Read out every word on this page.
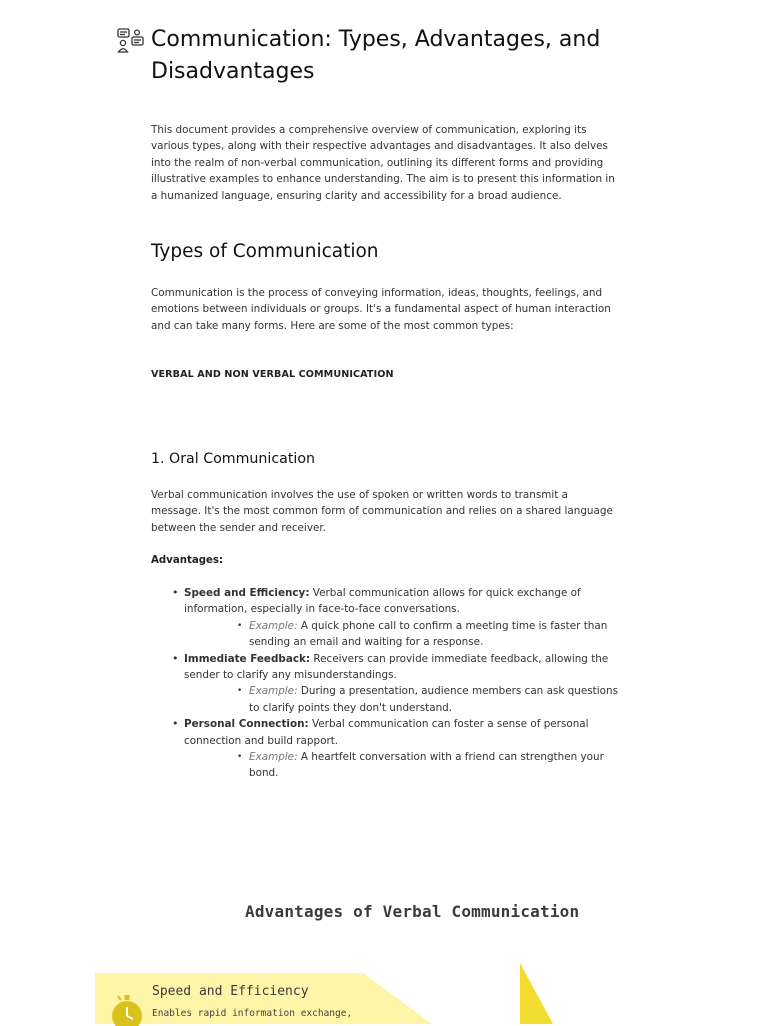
Communication: Types, Advantages, and Disadvantages

This document provides a comprehensive overview of communication, exploring its various types, along with their respective advantages and disadvantages. It also delves into the realm of non-verbal communication, outlining its different forms and providing illustrative examples to enhance understanding. The aim is to present this information in a humanized language, ensuring clarity and accessibility for a broad audience.

Types of Communication

Communication is the process of conveying information, ideas, thoughts, feelings, and emotions between individuals or groups. It's a fundamental aspect of human interaction and can take many forms. Here are some of the most common types:

VERBAL AND NON VERBAL COMMUNICATION

1. Oral Communication

Verbal communication involves the use of spoken or written words to transmit a message. It's the most common form of communication and relies on a shared language between the sender and receiver.

Advantages:

• Speed and Efficiency: Verbal communication allows for quick exchange of information, especially in face-to-face conversations.
• Example: A quick phone call to confirm a meeting time is faster than sending an email and waiting for a response.
• Immediate Feedback: Receivers can provide immediate feedback, allowing the sender to clarify any misunderstandings.
• Example: During a presentation, audience members can ask questions to clarify points they don't understand.
• Personal Connection: Verbal communication can foster a sense of personal connection and build rapport.
• Example: A heartfelt conversation with a friend can strengthen your bond.
Advantages of Verbal Communication

Speed and Efficiency

Enables rapid information exchange,
